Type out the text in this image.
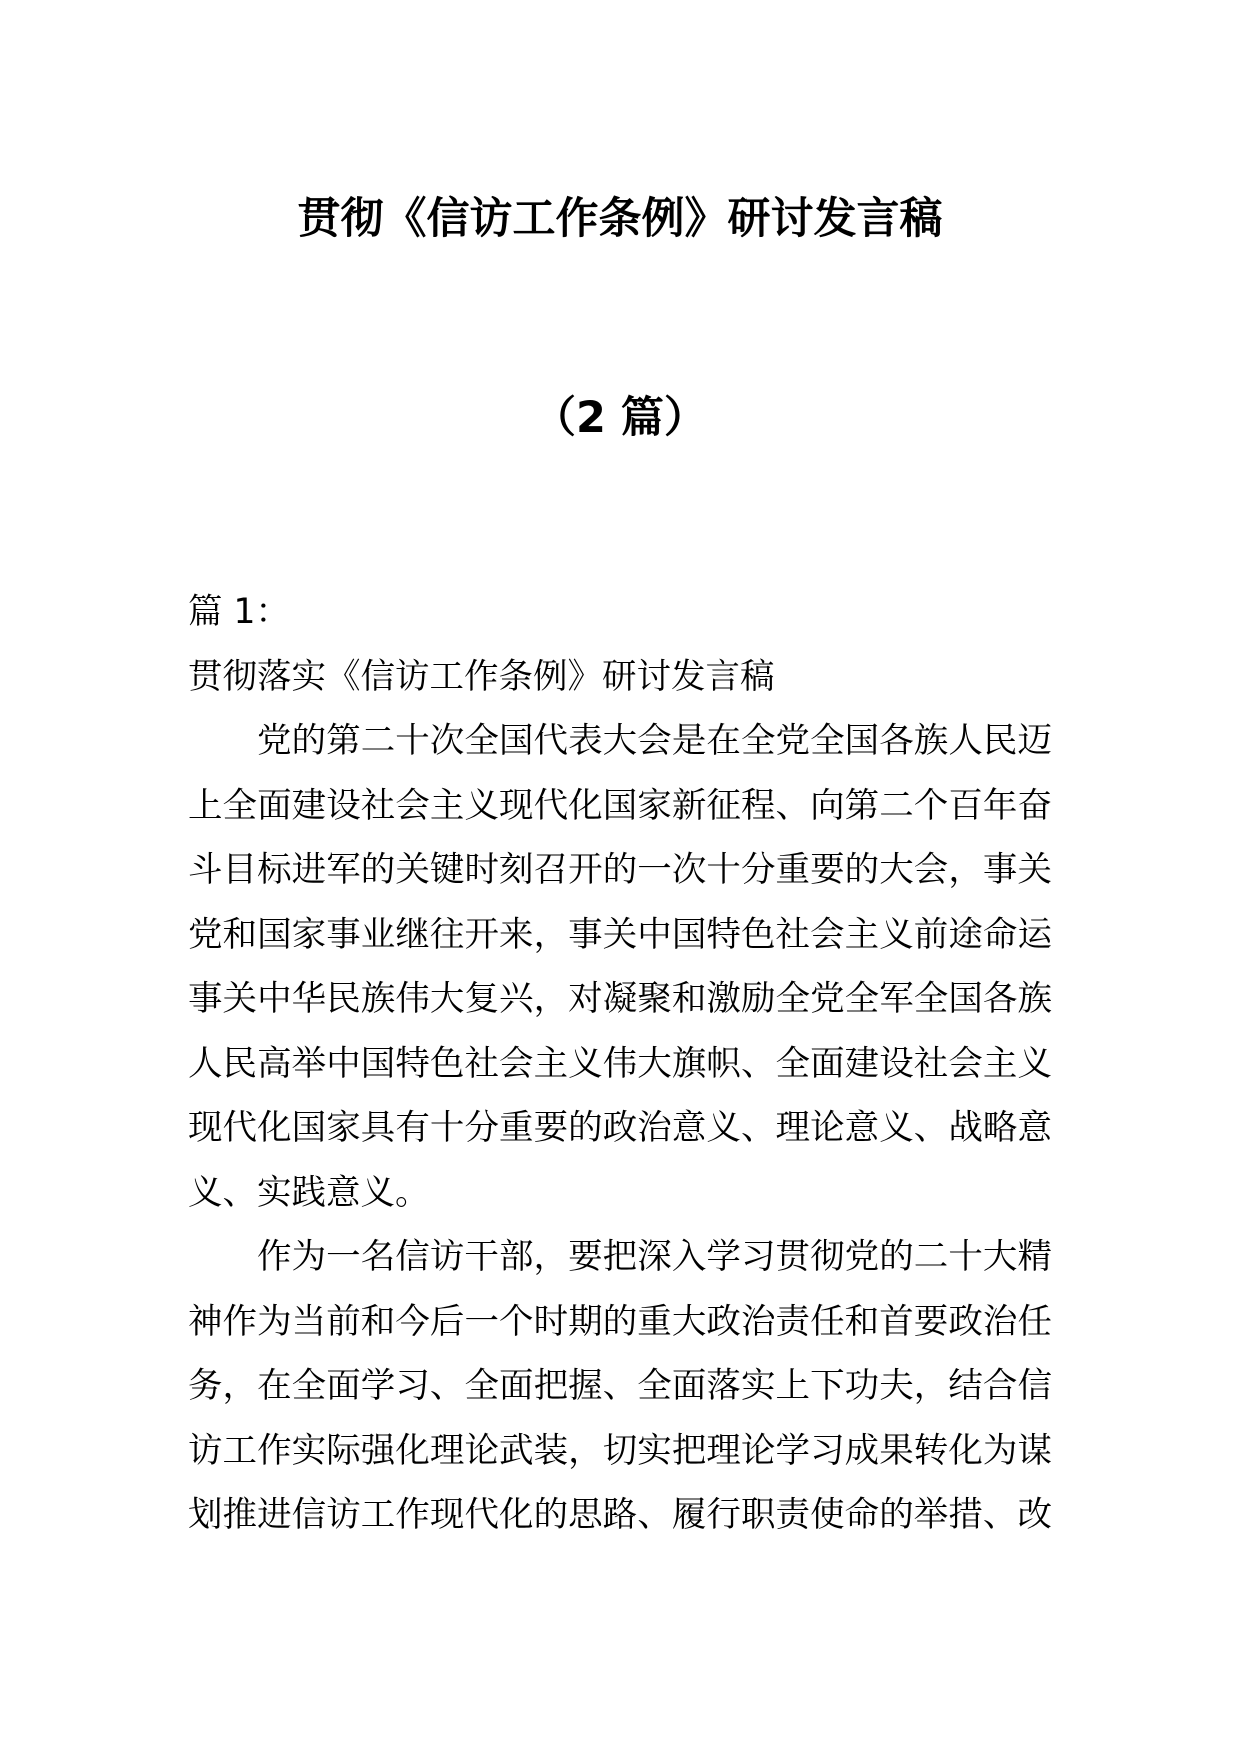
贯彻《信访工作条例》研讨发言稿
（2 篇）

篇 1：

贯彻落实《信访工作条例》研讨发言稿

党的第二十次全国代表大会是在全党全国各族人民迈

上全面建设社会主义现代化国家新征程、向第二个百年奋

斗目标进军的关键时刻召开的一次十分重要的大会，事关

党和国家事业继往开来，事关中国特色社会主义前途命运

事关中华民族伟大复兴，对凝聚和激励全党全军全国各族

人民高举中国特色社会主义伟大旗帜、全面建设社会主义

现代化国家具有十分重要的政治意义、理论意义、战略意

义、实践意义。

作为一名信访干部，要把深入学习贯彻党的二十大精

神作为当前和今后一个时期的重大政治责任和首要政治任

务，在全面学习、全面把握、全面落实上下功夫，结合信

访工作实际强化理论武装，切实把理论学习成果转化为谋

划推进信访工作现代化的思路、履行职责使命的举措、改
